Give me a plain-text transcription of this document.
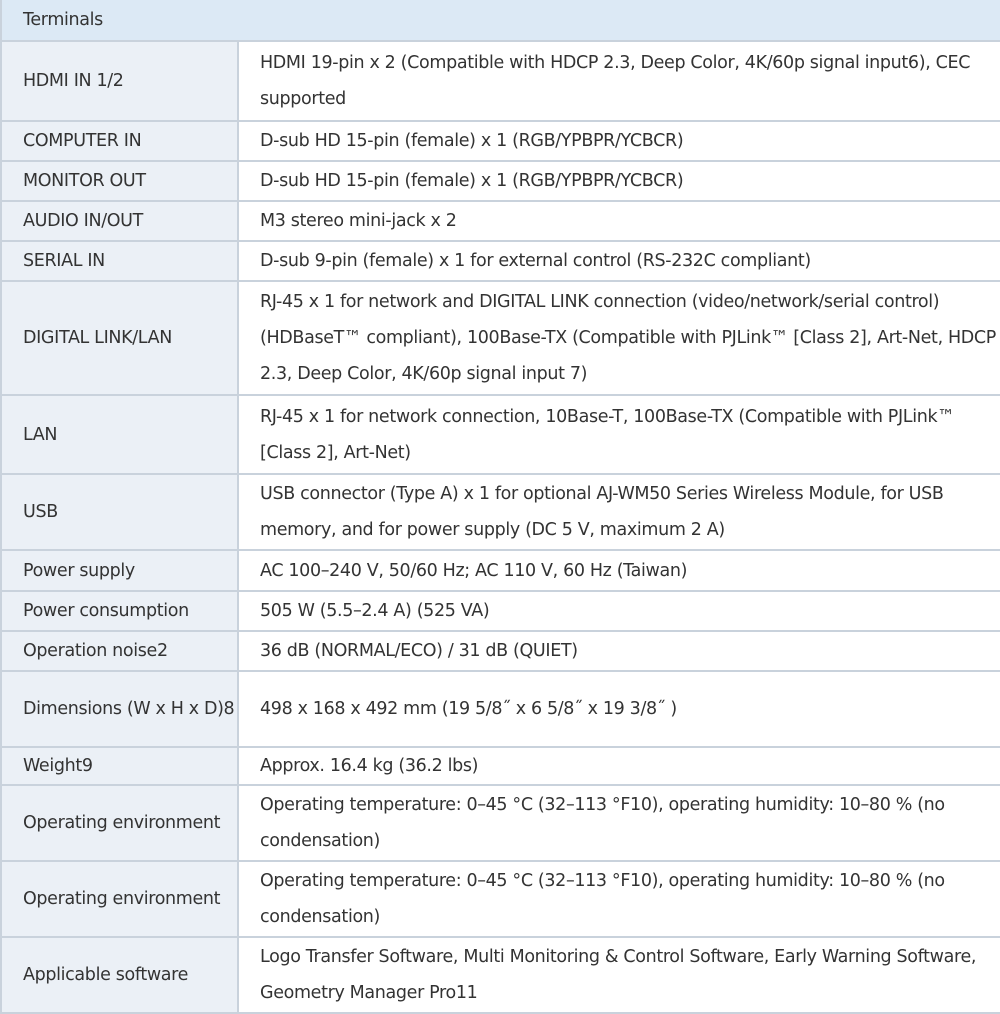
Terminals	
HDMI IN 1/2	HDMI 19-pin x 2 (Compatible with HDCP 2.3, Deep Color, 4K/60p signal input6), CEC supported
COMPUTER IN	D-sub HD 15-pin (female) x 1 (RGB/YPBPR/YCBCR)
MONITOR OUT	D-sub HD 15-pin (female) x 1 (RGB/YPBPR/YCBCR)
AUDIO IN/OUT	M3 stereo mini-jack x 2
SERIAL IN	D-sub 9-pin (female) x 1 for external control (RS-232C compliant)
DIGITAL LINK/LAN	RJ-45 x 1 for network and DIGITAL LINK connection (video/network/serial control) (HDBaseT™ compliant), 100Base-TX (Compatible with PJLink™ [Class 2], Art-Net, HDCP 2.3, Deep Color, 4K/60p signal input 7)
LAN	RJ-45 x 1 for network connection, 10Base-T, 100Base-TX (Compatible with PJLink™ [Class 2], Art-Net)
USB	USB connector (Type A) x 1 for optional AJ-WM50 Series Wireless Module, for USB memory, and for power supply (DC 5 V, maximum 2 A)
Power supply	AC 100–240 V, 50/60 Hz; AC 110 V, 60 Hz (Taiwan)
Power consumption	505 W (5.5–2.4 A) (525 VA)
Operation noise2	36 dB (NORMAL/ECO) / 31 dB (QUIET)
Dimensions (W x H x D)8	498 x 168 x 492 mm (19 5/8˝ x 6 5/8˝ x 19 3/8˝ )
Weight9	Approx. 16.4 kg (36.2 lbs)
Operating environment	Operating temperature: 0–45 °C (32–113 °F10), operating humidity: 10–80 % (no condensation)
Operating environment	Operating temperature: 0–45 °C (32–113 °F10), operating humidity: 10–80 % (no condensation)
Applicable software	Logo Transfer Software, Multi Monitoring & Control Software, Early Warning Software, Geometry Manager Pro11
